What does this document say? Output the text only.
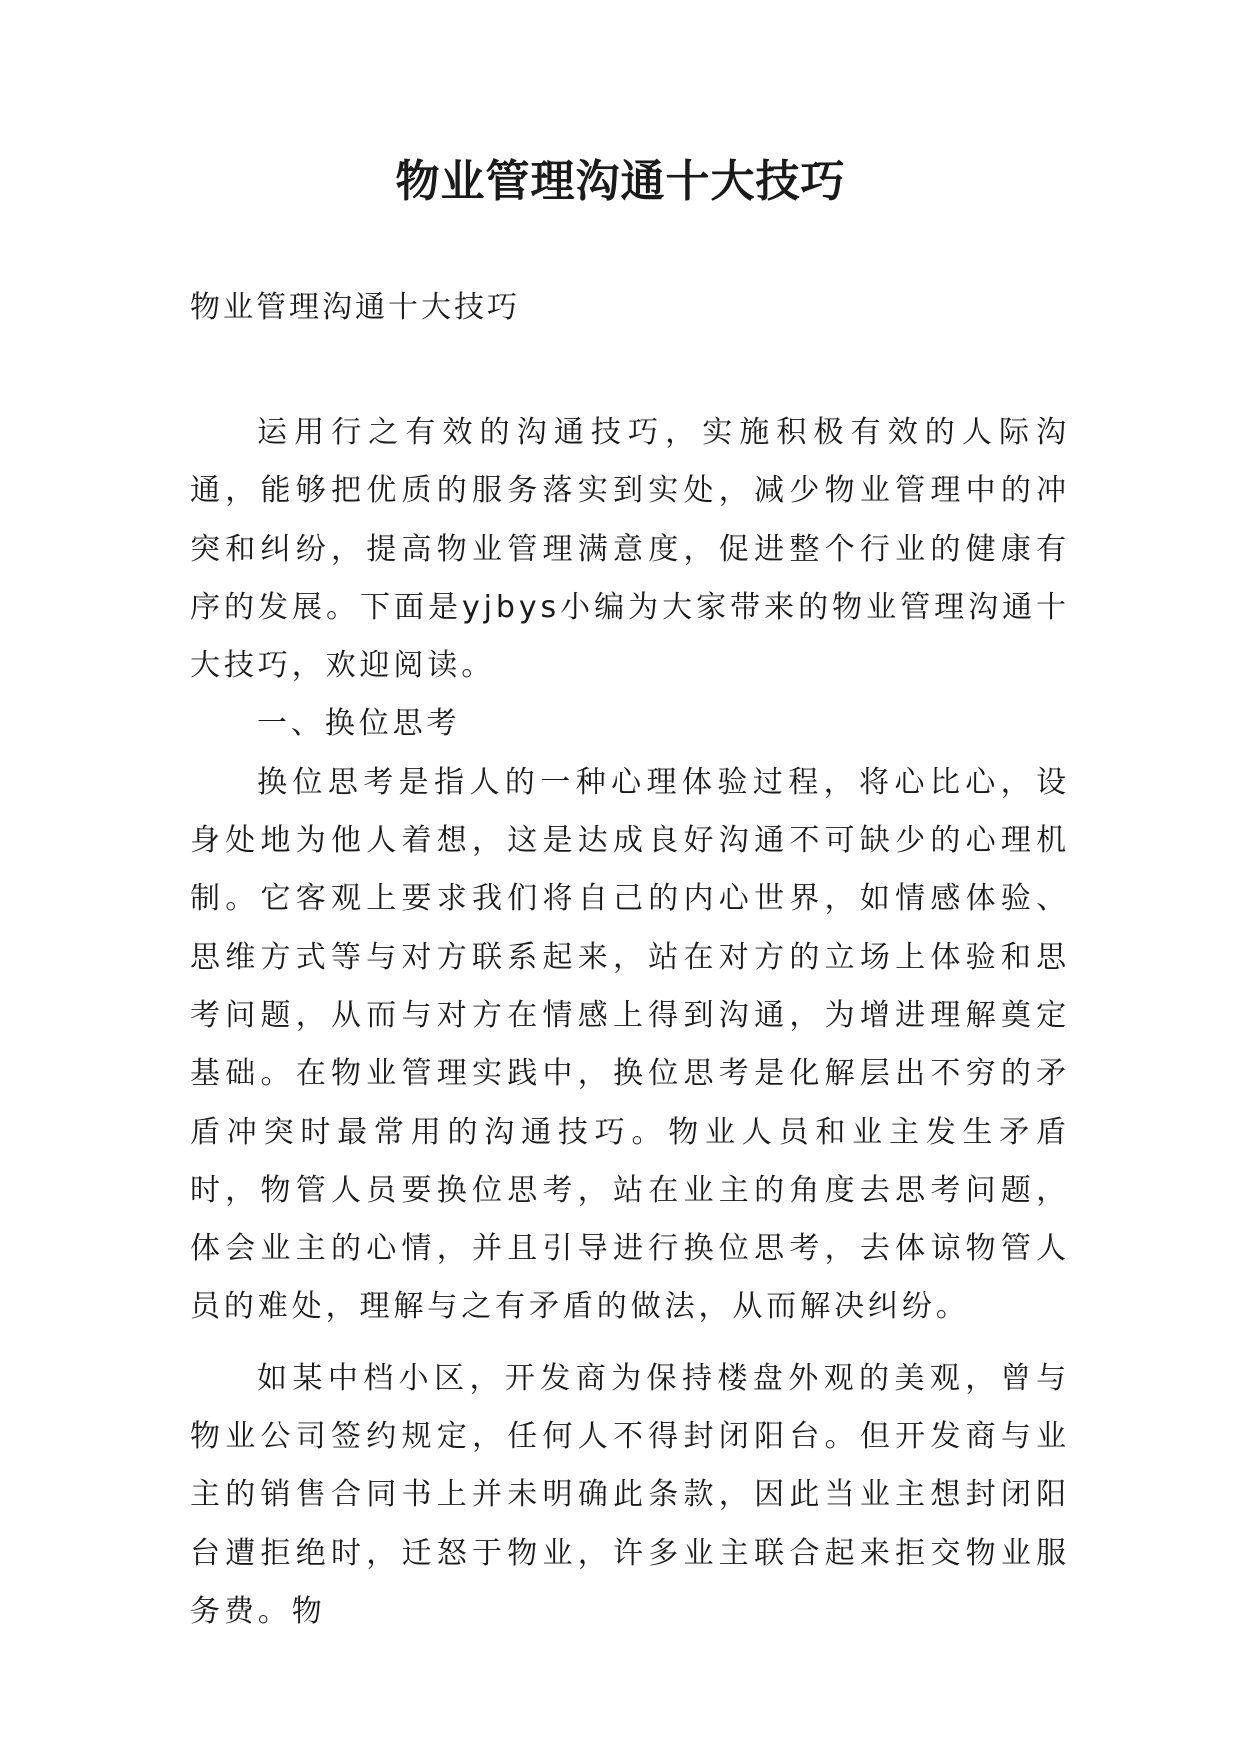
物业管理沟通十大技巧
物业管理沟通十大技巧

运用行之有效的沟通技巧，实施积极有效的人际沟通，能够把优质的服务落实到实处，减少物业管理中的冲突和纠纷，提高物业管理满意度，促进整个行业的健康有序的发展。下面是yjbys小编为大家带来的物业管理沟通十大技巧，欢迎阅读。

一、换位思考

换位思考是指人的一种心理体验过程，将心比心，设身处地为他人着想，这是达成良好沟通不可缺少的心理机制。它客观上要求我们将自己的内心世界，如情感体验、思维方式等与对方联系起来，站在对方的立场上体验和思考问题，从而与对方在情感上得到沟通，为增进理解奠定基础。在物业管理实践中，换位思考是化解层出不穷的矛盾冲突时最常用的沟通技巧。物业人员和业主发生矛盾时，物管人员要换位思考，站在业主的角度去思考问题，体会业主的心情，并且引导进行换位思考，去体谅物管人员的难处，理解与之有矛盾的做法，从而解决纠纷。

如某中档小区，开发商为保持楼盘外观的美观，曾与物业公司签约规定，任何人不得封闭阳台。但开发商与业主的销售合同书上并未明确此条款，因此当业主想封闭阳台遭拒绝时，迁怒于物业，许多业主联合起来拒交物业服务费。物
